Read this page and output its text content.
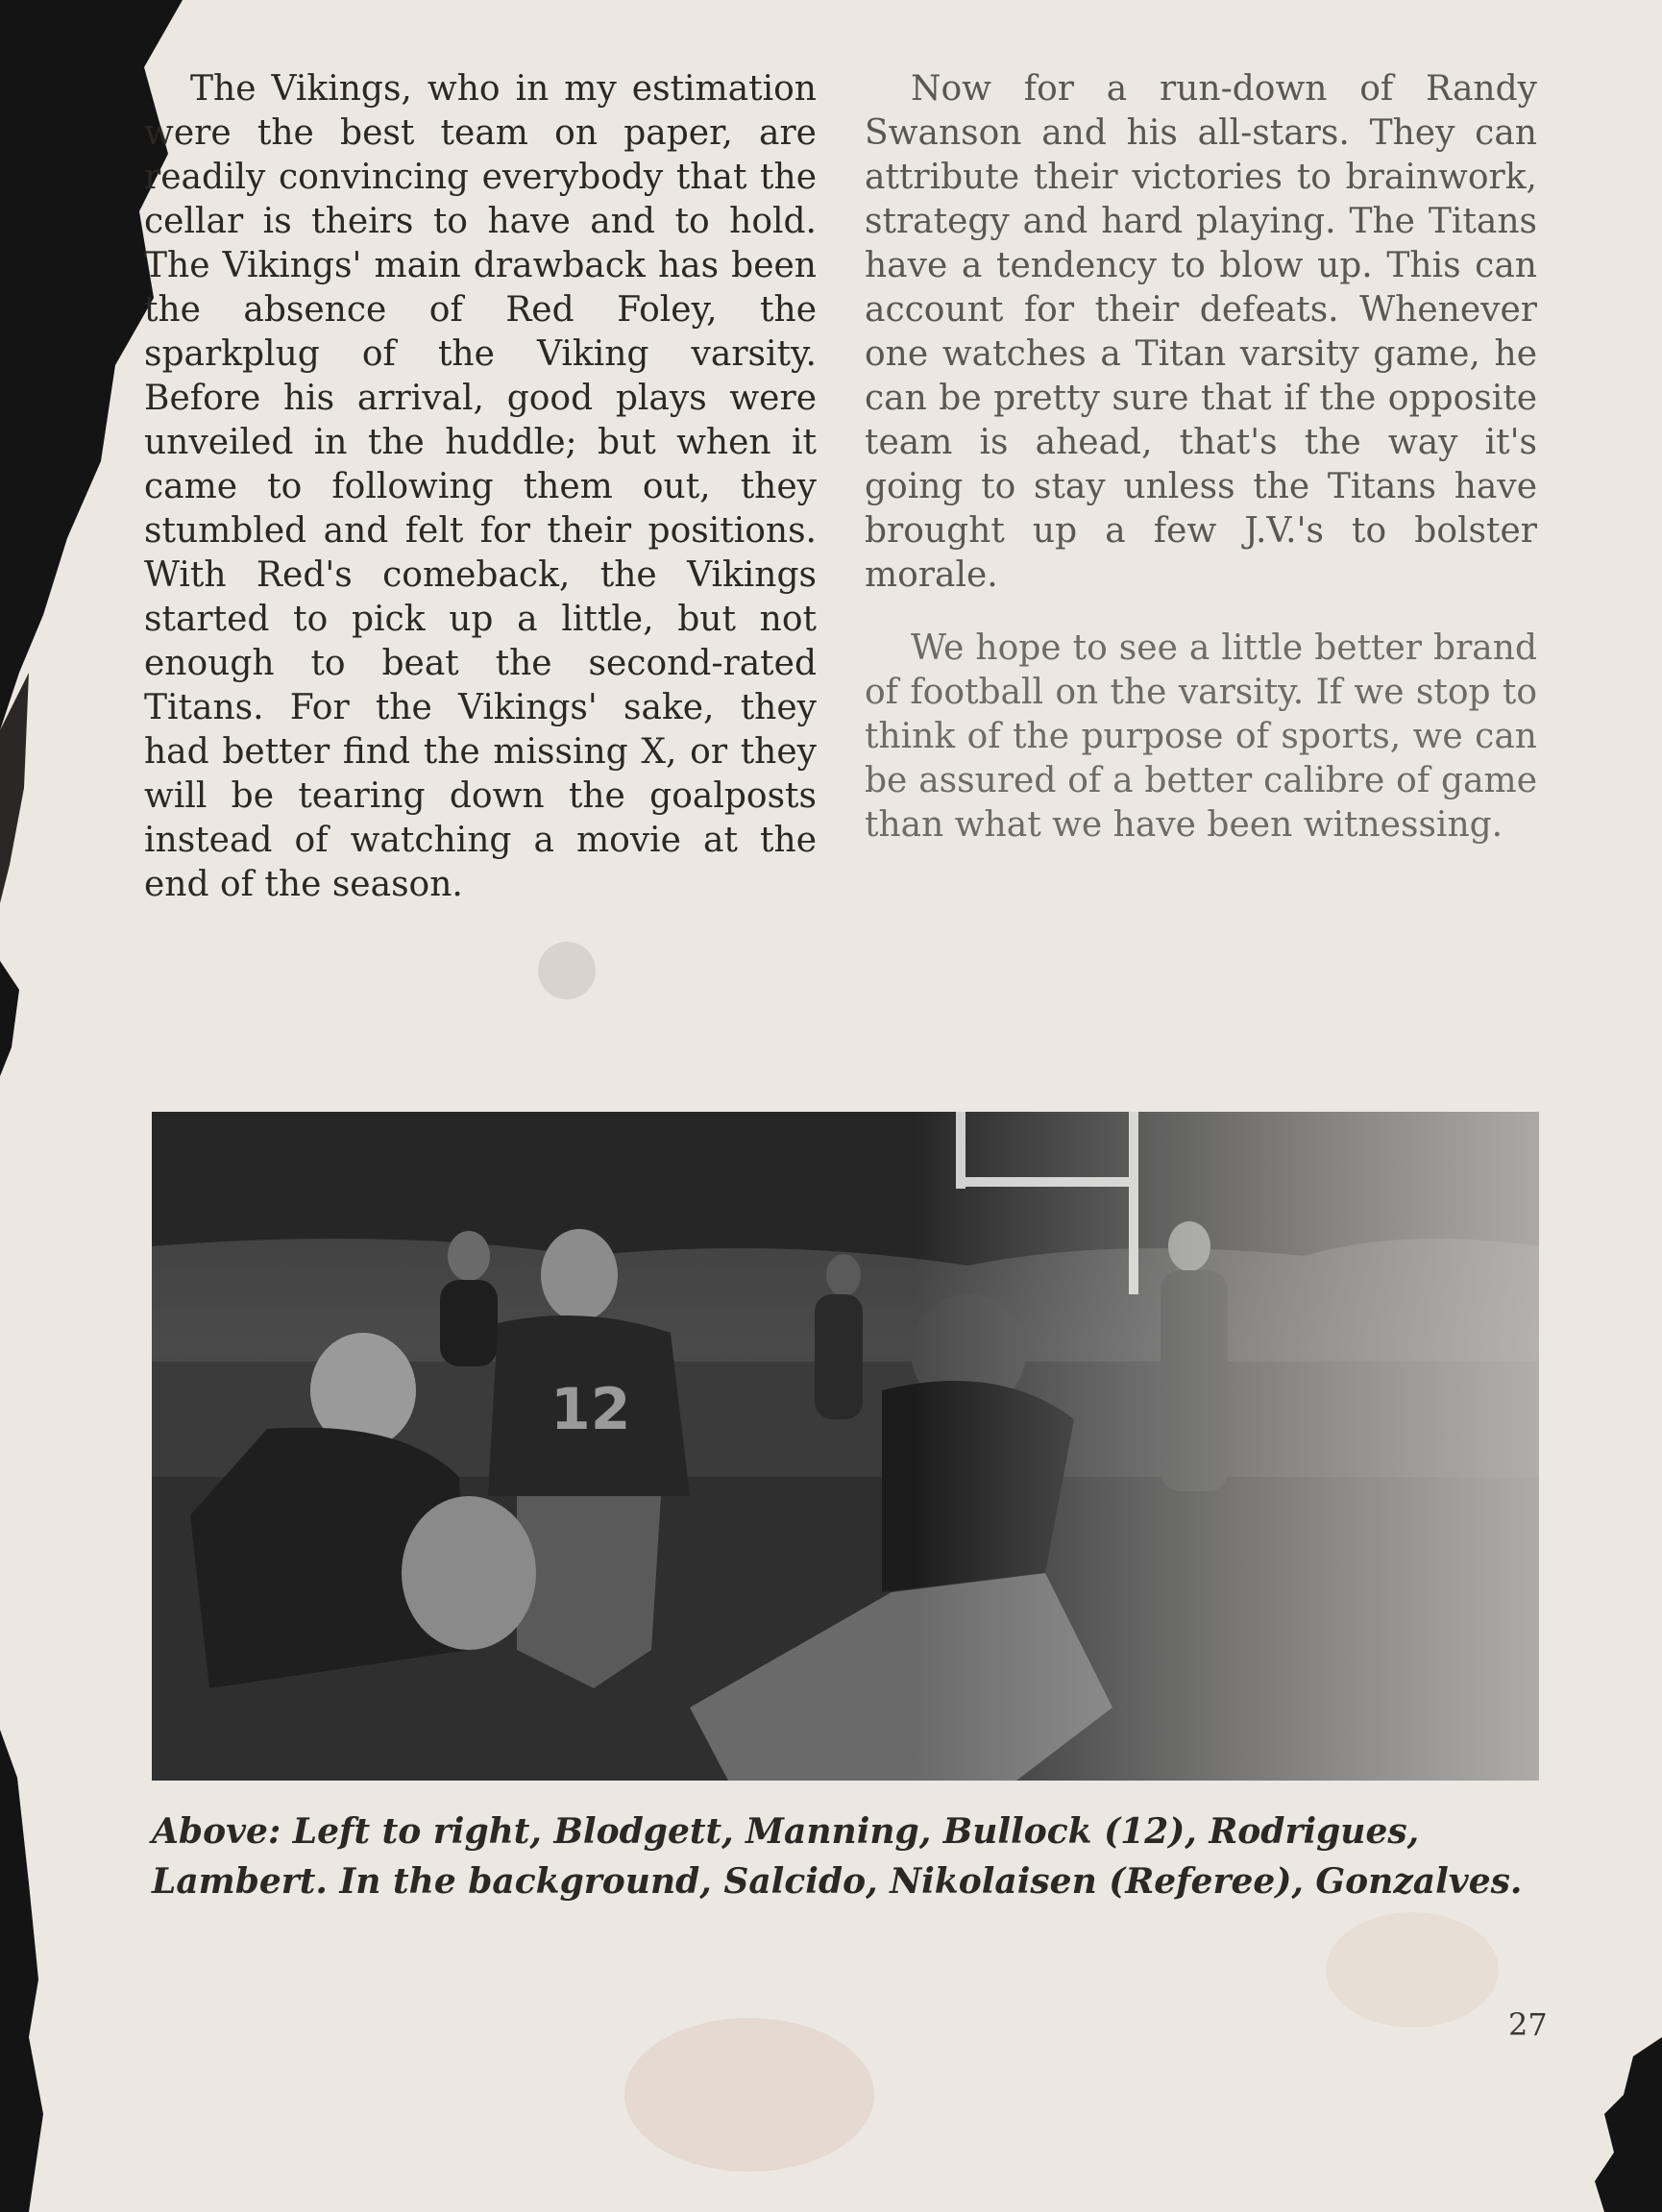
The Vikings, who in my estimation were the best team on paper, are readily convincing everybody that the cellar is theirs to have and to hold. The Vikings' main drawback has been the absence of Red Foley, the sparkplug of the Viking varsity. Before his arrival, good plays were unveiled in the huddle; but when it came to following them out, they stumbled and felt for their positions. With Red's comeback, the Vikings started to pick up a little, but not enough to beat the second-rated Titans. For the Vikings' sake, they had better find the missing X, or they will be tearing down the goalposts instead of watching a movie at the end of the season.

Now for a run-down of Randy Swanson and his all-stars. They can attribute their victories to brainwork, strategy and hard playing. The Titans have a tendency to blow up. This can account for their defeats. Whenever one watches a Titan varsity game, he can be pretty sure that if the opposite team is ahead, that's the way it's going to stay unless the Titans have brought up a few J.V.'s to bolster morale.

We hope to see a little better brand of football on the varsity. If we stop to think of the purpose of sports, we can be assured of a better calibre of game than what we have been witnessing.

Above: Left to right, Blodgett, Manning, Bullock (12), Rodrigues, Lambert. In the background, Salcido, Nikolaisen (Referee), Gonzalves.
27
